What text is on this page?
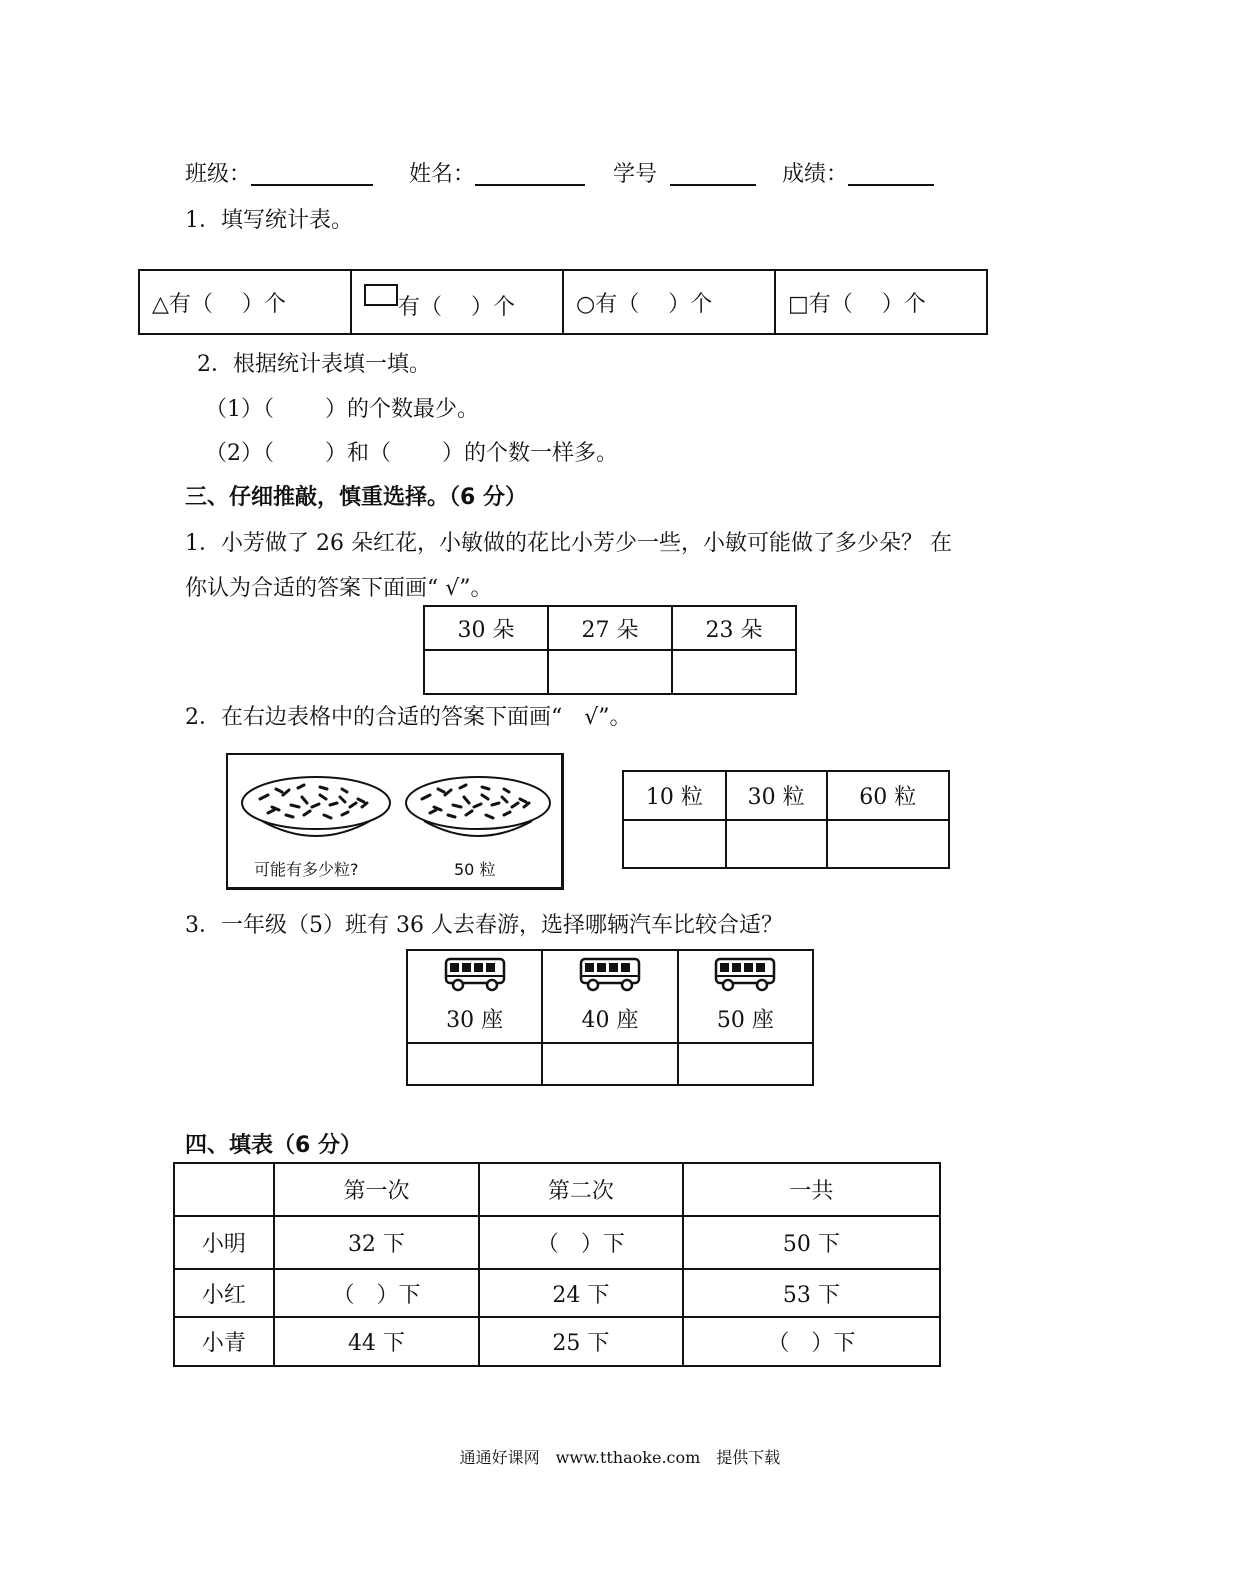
班级：	姓名：	学号	成绩：
1．填写统计表。
△有（　 ）个	有（　 ）个	○有（　 ）个	□有（　 ）个
2．根据统计表填一填。
（1）（　　 ）的个数最少。
（2）（　　 ）和（　　 ）的个数一样多。
三、仔细推敲，慎重选择。（6 分）
1．小芳做了 26 朵红花，小敏做的花比小芳少一些，小敏可能做了多少朵？ 在
你认为合适的答案下面画“ √”。
30 朵	27 朵	23 朵

2．在右边表格中的合适的答案下面画“　√”。
可能有多少粒?	50 粒
10 粒	30 粒	60 粒

3．一年级（5）班有 36 人去春游，选择哪辆汽车比较合适？
30 座	40 座	50 座

四、填表（6 分）
	第一次	第二次	一共
小明	32 下	（　）下	50 下
小红	（　）下	24 下	53 下
小青	44 下	25 下	（　）下
通通好课网　www.tthaoke.com　提供下载
